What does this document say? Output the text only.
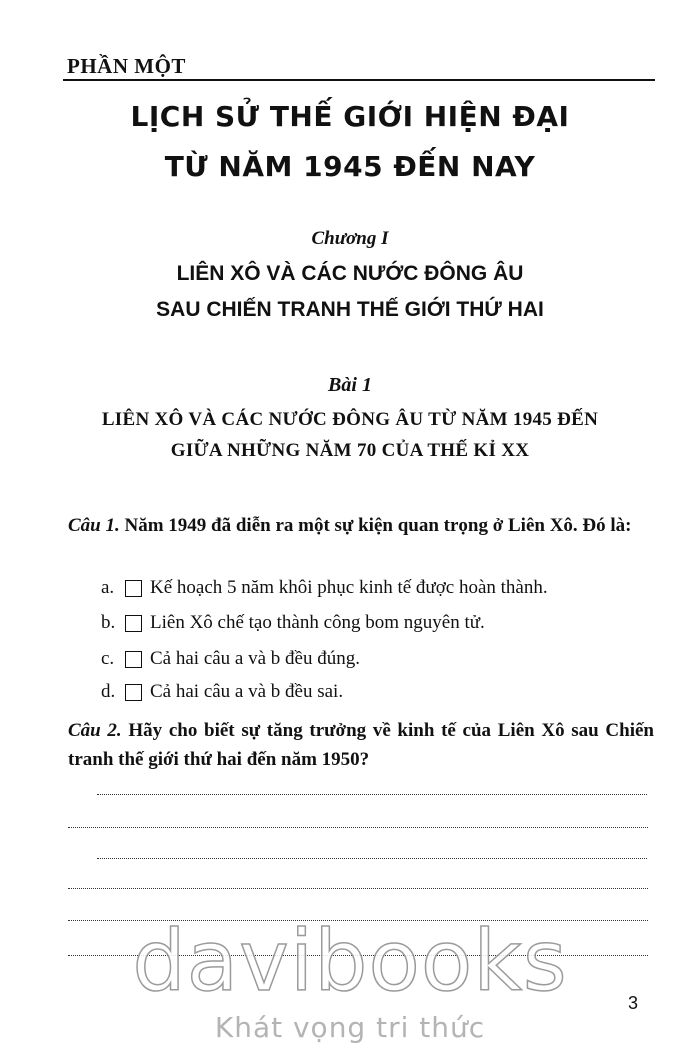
PHẦN MỘT
LỊCH SỬ THẾ GIỚI HIỆN ĐẠI
TỪ NĂM 1945 ĐẾN NAY
Chương I
LIÊN XÔ VÀ CÁC NƯỚC ĐÔNG ÂU
SAU CHIẾN TRANH THẾ GIỚI THỨ HAI
Bài 1
LIÊN XÔ VÀ CÁC NƯỚC ĐÔNG ÂU TỪ NĂM 1945 ĐẾN
GIỮA NHỮNG NĂM 70 CỦA THẾ KỈ XX
Câu 1. Năm 1949 đã diễn ra một sự kiện quan trọng ở Liên Xô. Đó là:
a.	Kế hoạch 5 năm khôi phục kinh tế được hoàn thành.
b.	Liên Xô chế tạo thành công bom nguyên tử.
c.	Cả hai câu a và b đều đúng.
d.	Cả hai câu a và b đều sai.
Câu 2. Hãy cho biết sự tăng trưởng về kinh tế của Liên Xô sau Chiến tranh thế giới thứ hai đến năm 1950?
davibooks	3
Khát vọng tri thức
